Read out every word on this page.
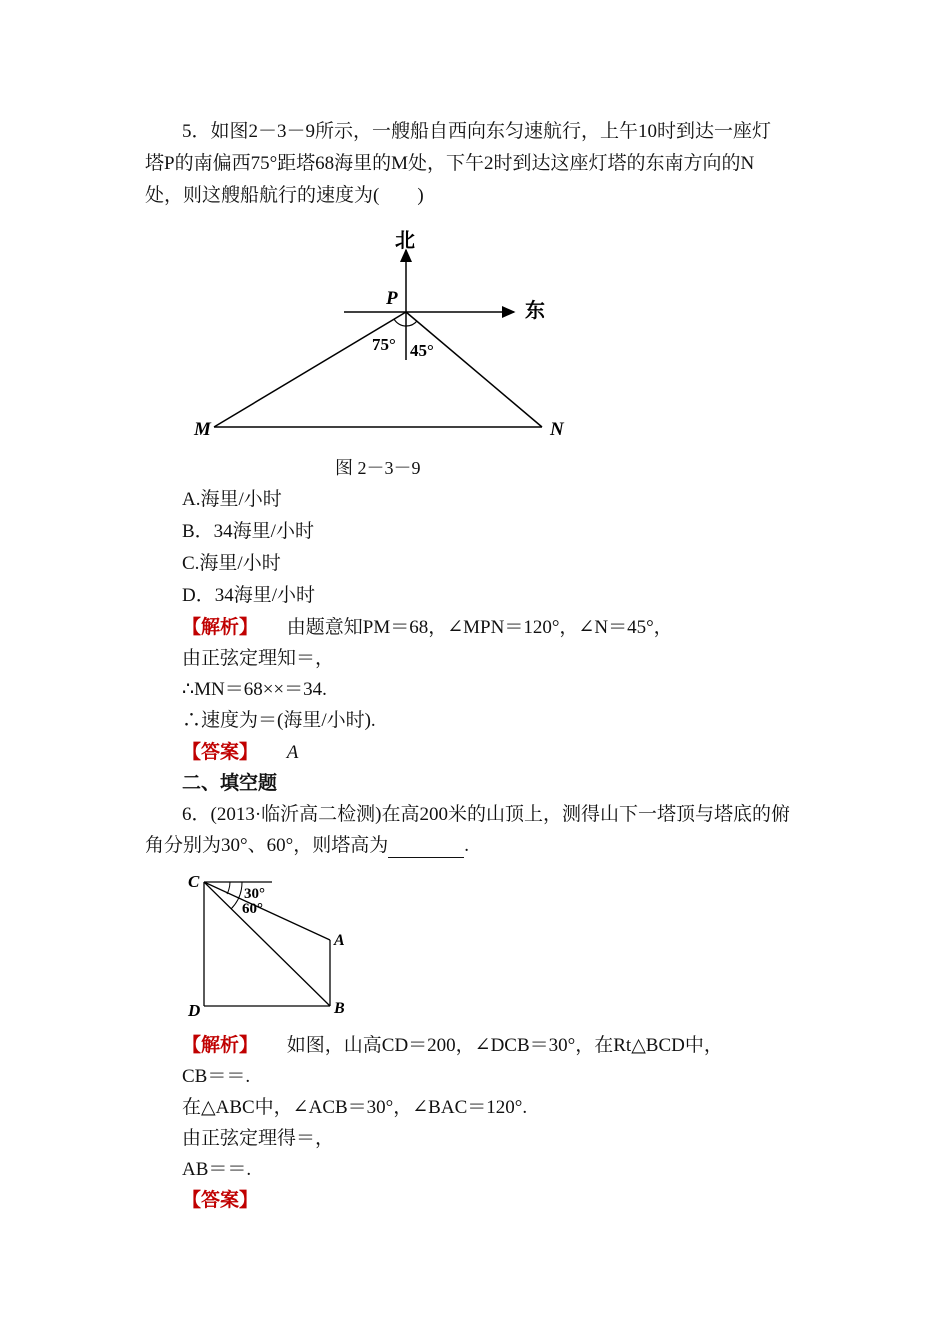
5．如图2－3－9所示，一艘船自西向东匀速航行，上午10时到达一座灯
塔P的南偏西75°距塔68海里的M处，下午2时到达这座灯塔的东南方向的N
处，则这艘船航行的速度为(　　)
北
东
P
75° 45°
M	N
图 2－3－9
A.海里/小时
B．34海里/小时
C.海里/小时
D．34海里/小时
【解析】 由题意知PM＝68，∠MPN＝120°，∠N＝45°，
由正弦定理知＝，
∴MN＝68××＝34.
∴速度为＝(海里/小时).
【答案】 A
二、填空题
6．(2013·临沂高二检测)在高200米的山顶上，测得山下一塔顶与塔底的俯
角分别为30°、60°，则塔高为	.
C
30°
60°
A
B
D
【解析】 如图，山高CD＝200，∠DCB＝30°，在Rt△BCD中，
CB＝＝.
在△ABC中，∠ACB＝30°，∠BAC＝120°.
由正弦定理得＝，
AB＝＝.
【答案】
